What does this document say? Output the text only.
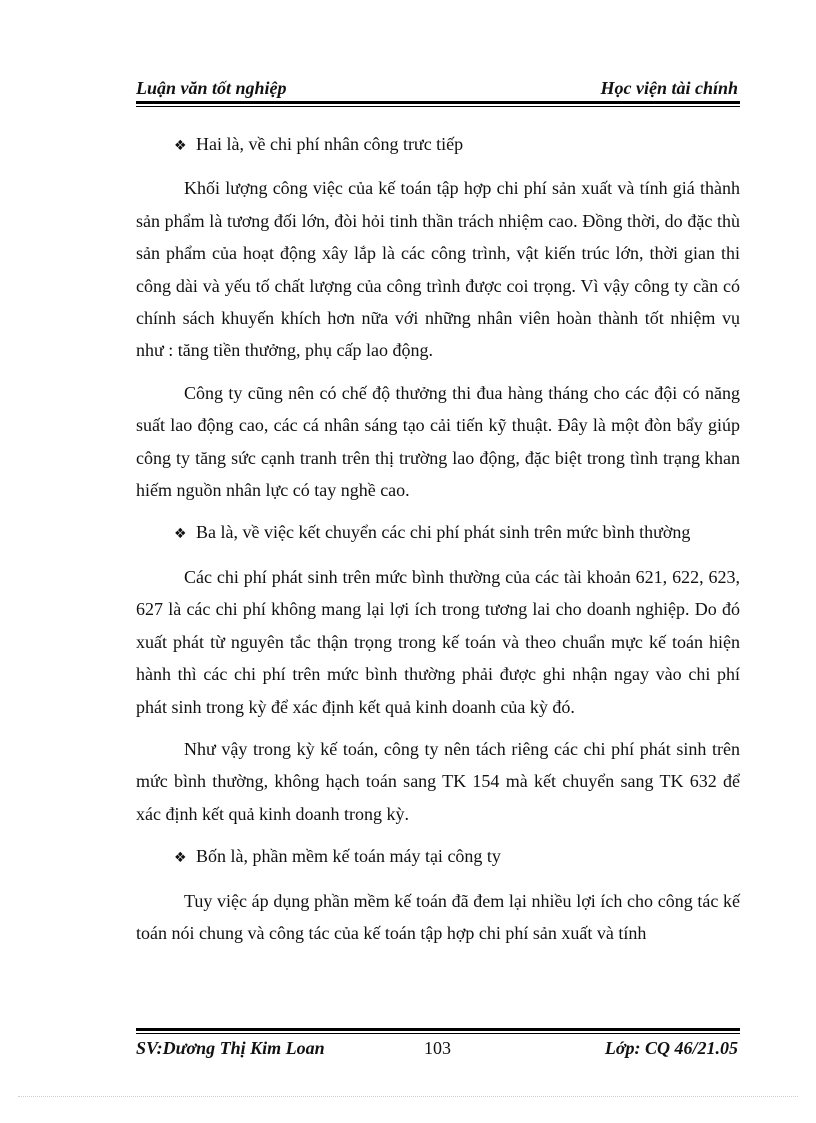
Luận văn tốt nghiệp	Học viện tài chính

❖ Hai là, về chi phí nhân công trưc tiếp

Khối lượng công việc của kế toán tập hợp chi phí sản xuất và tính giá thành sản phẩm là tương đối lớn, đòi hỏi tinh thần trách nhiệm cao. Đồng thời, do đặc thù sản phẩm của hoạt động xây lắp là các công trình, vật kiến trúc lớn, thời gian thi công dài và yếu tố chất lượng của công trình được coi trọng. Vì vậy công ty cần có chính sách khuyến khích hơn nữa với những nhân viên hoàn thành tốt nhiệm vụ như : tăng tiền thưởng, phụ cấp lao động.

Công ty cũng nên có chế độ thưởng thi đua hàng tháng cho các đội có năng suất lao động cao, các cá nhân sáng tạo cải tiến kỹ thuật. Đây là một đòn bẩy giúp công ty tăng sức cạnh tranh trên thị trường lao động, đặc biệt trong tình trạng khan hiếm nguồn nhân lực có tay nghề cao.

❖ Ba là, về việc kết chuyển các chi phí phát sinh trên mức bình thường

Các chi phí phát sinh trên mức bình thường của các tài khoản 621, 622, 623, 627 là các chi phí không mang lại lợi ích trong tương lai cho doanh nghiệp. Do đó xuất phát từ nguyên tắc thận trọng trong kế toán và theo chuẩn mực kế toán hiện hành thì các chi phí trên mức bình thường phải được ghi nhận ngay vào chi phí phát sinh trong kỳ để xác định kết quả kinh doanh của kỳ đó.

Như vậy trong kỳ kế toán, công ty nên tách riêng các chi phí phát sinh trên mức bình thường, không hạch toán sang TK 154 mà kết chuyển sang TK 632 để xác định kết quả kinh doanh trong kỳ.

❖ Bốn là, phần mềm kế toán máy tại công ty

Tuy việc áp dụng phần mềm kế toán đã đem lại nhiều lợi ích cho công tác kế toán nói chung và công tác của kế toán tập hợp chi phí sản xuất và tính

SV:Dương Thị Kim Loan	103	Lớp: CQ 46/21.05
